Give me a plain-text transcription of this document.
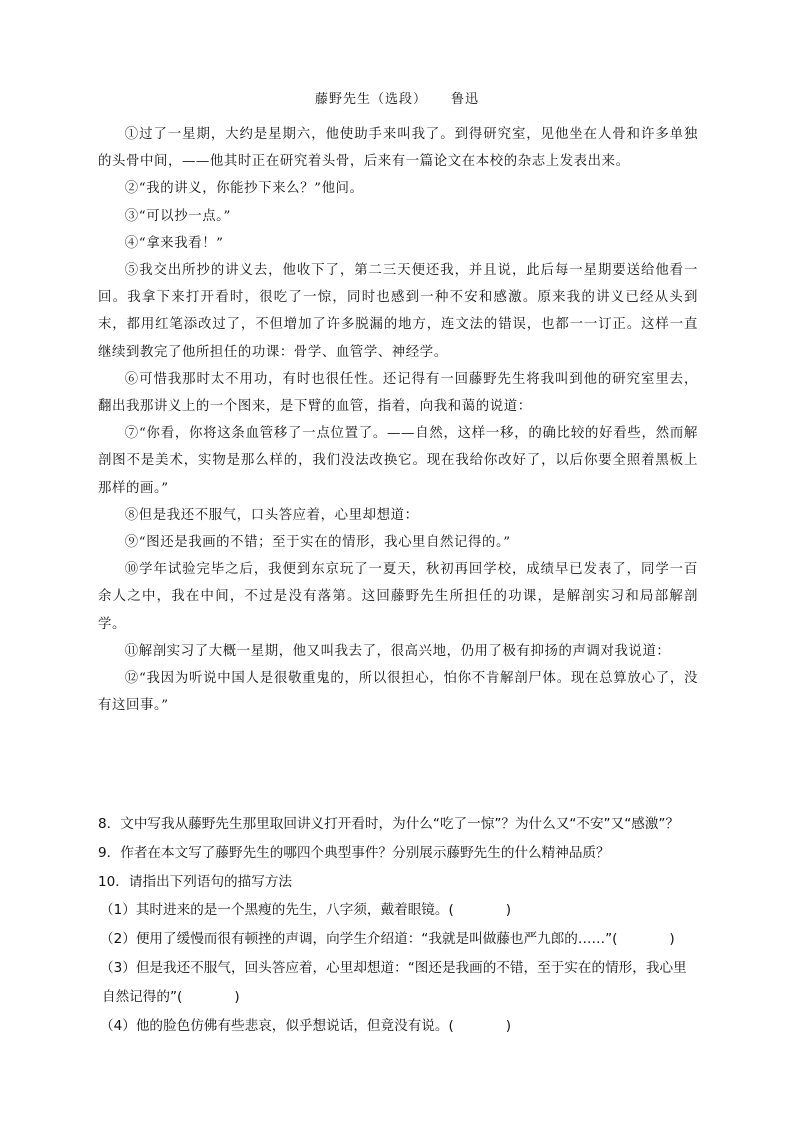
藤野先生（选段） 鲁迅

①过了一星期，大约是星期六，他使助手来叫我了。到得研究室，见他坐在人骨和许多单独的头骨中间，——他其时正在研究着头骨，后来有一篇论文在本校的杂志上发表出来。

②“我的讲义，你能抄下来么？”他问。

③“可以抄一点。”

④“拿来我看！”

⑤我交出所抄的讲义去，他收下了，第二三天便还我，并且说，此后每一星期要送给他看一回。我拿下来打开看时，很吃了一惊，同时也感到一种不安和感激。原来我的讲义已经从头到末，都用红笔添改过了，不但增加了许多脱漏的地方，连文法的错误，也都一一订正。这样一直继续到教完了他所担任的功课：骨学、血管学、神经学。

⑥可惜我那时太不用功，有时也很任性。还记得有一回藤野先生将我叫到他的研究室里去，翻出我那讲义上的一个图来，是下臂的血管，指着，向我和蔼的说道：

⑦“你看，你将这条血管移了一点位置了。——自然，这样一移，的确比较的好看些，然而解剖图不是美术，实物是那么样的，我们没法改换它。现在我给你改好了，以后你要全照着黑板上那样的画。”

⑧但是我还不服气，口头答应着，心里却想道：

⑨“图还是我画的不错；至于实在的情形，我心里自然记得的。”

⑩学年试验完毕之后，我便到东京玩了一夏天，秋初再回学校，成绩早已发表了，同学一百余人之中，我在中间，不过是没有落第。这回藤野先生所担任的功课，是解剖实习和局部解剖学。

⑪解剖实习了大概一星期，他又叫我去了，很高兴地，仍用了极有抑扬的声调对我说道：

⑫“我因为听说中国人是很敬重鬼的，所以很担心，怕你不肯解剖尸体。现在总算放心了，没有这回事。”

8．文中写我从藤野先生那里取回讲义打开看时，为什么“吃了一惊”？为什么又“不安”又“感激”？

9．作者在本文写了藤野先生的哪四个典型事件？分别展示藤野先生的什么精神品质？

10．请指出下列语句的描写方法

（1）其时进来的是一个黑瘦的先生，八字须，戴着眼镜。(	)

（2）便用了缓慢而很有顿挫的声调，向学生介绍道：“我就是叫做藤也严九郎的……”(	)

（3）但是我还不服气，回头答应着，心里却想道：“图还是我画的不错，至于实在的情形，我心里自然记得的”(	)

（4）他的脸色仿佛有些悲哀，似乎想说话，但竟没有说。(	)
